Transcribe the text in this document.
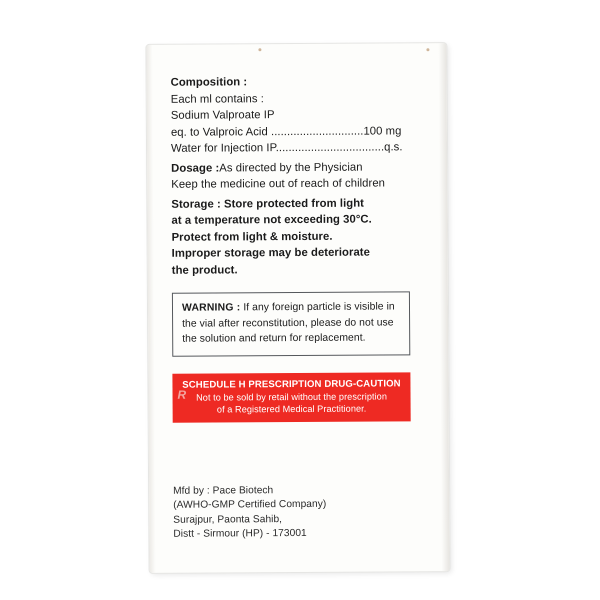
Composition :
Each ml contains :
Sodium Valproate IP
eq. to Valproic Acid .............................100 mg
Water for Injection IP..................................q.s.
Dosage :As directed by the Physician
Keep the medicine out of reach of children
Storage : Store protected from light
at a temperature not exceeding 30°C.
Protect from light & moisture.
Improper storage may be deteriorate
the product.
WARNING : If any foreign particle is visible in the vial after reconstitution, please do not use the solution and return for replacement.
R
SCHEDULE H PRESCRIPTION DRUG-CAUTION
Not to be sold by retail without the prescription
of a Registered Medical Practitioner.
Mfd by : Pace Biotech
(AWHO-GMP Certified Company)
Surajpur, Paonta Sahib,
Distt - Sirmour (HP) - 173001
